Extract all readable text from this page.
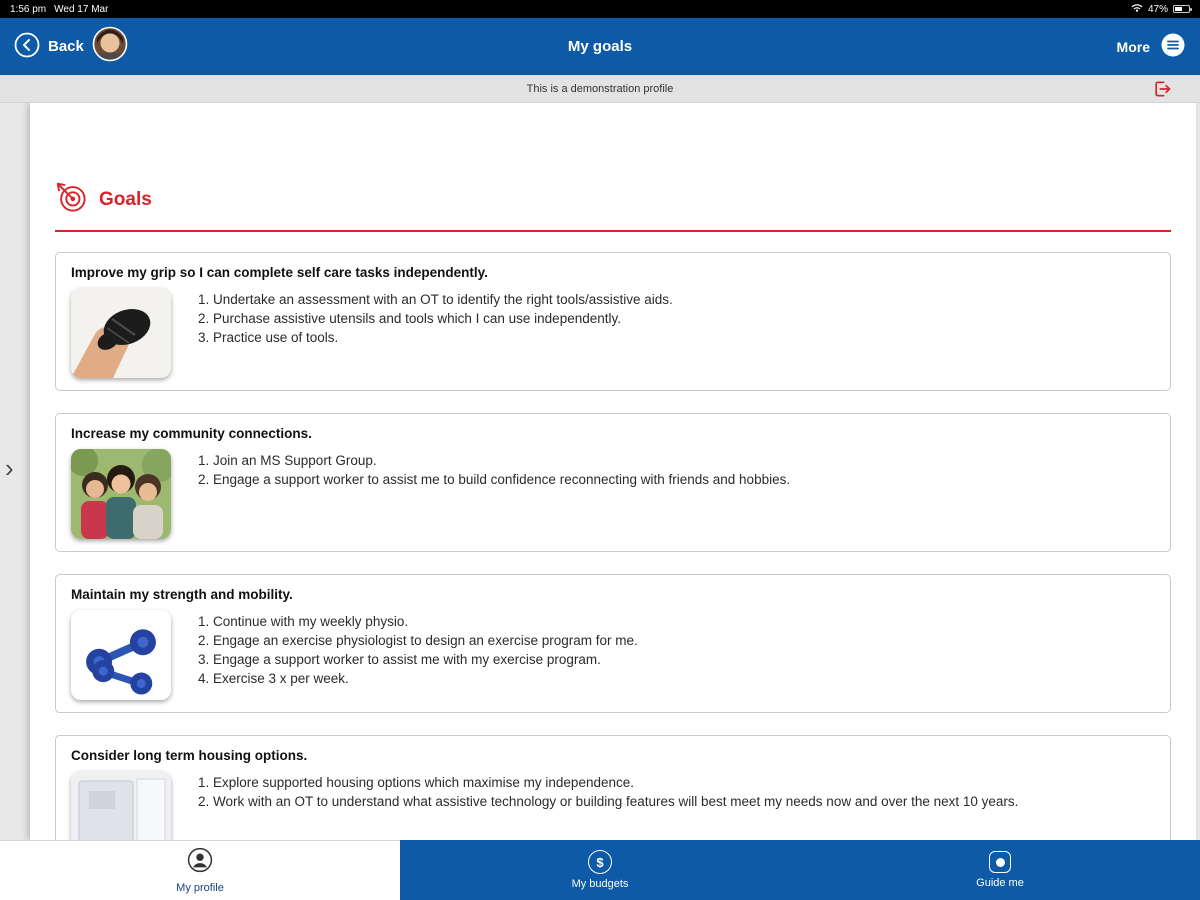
1:56 pm Wed 17 Mar	47%
Back	My goals	More
This is a demonstration profile
›
Goals
Improve my grip so I can complete self care tasks independently.
1. Undertake an assessment with an OT to identify the right tools/assistive aids.
2. Purchase assistive utensils and tools which I can use independently.
3. Practice use of tools.
Increase my community connections.
1. Join an MS Support Group.
2. Engage a support worker to assist me to build confidence reconnecting with friends and hobbies.
Maintain my strength and mobility.
1. Continue with my weekly physio.
2. Engage an exercise physiologist to design an exercise program for me.
3. Engage a support worker to assist me with my exercise program.
4. Exercise 3 x per week.
Consider long term housing options.
1. Explore supported housing options which maximise my independence.
2. Work with an OT to understand what assistive technology or building features will best meet my needs now and over the next 10 years.
My profile
$
My budgets	Guide me
